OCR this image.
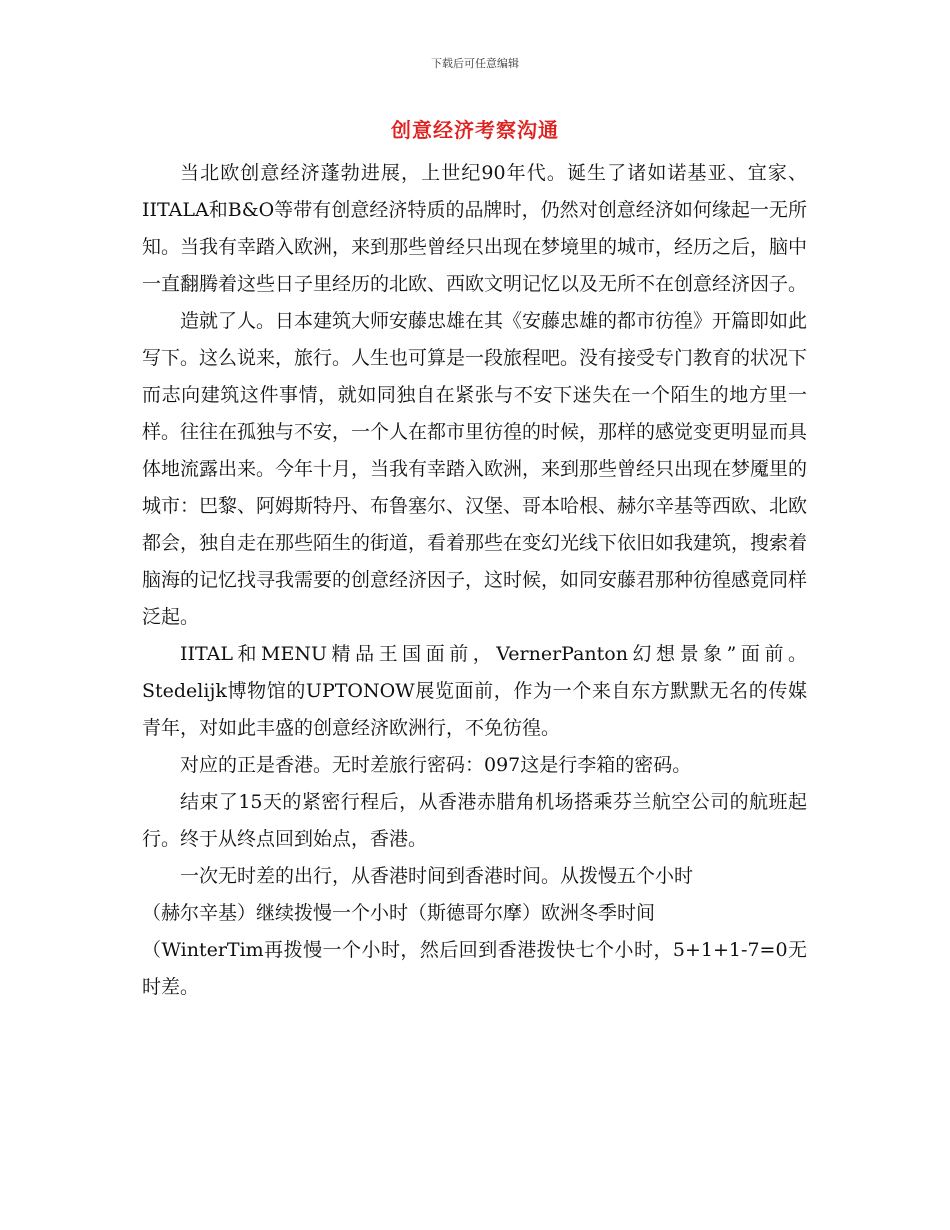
下载后可任意编辑
创意经济考察沟通

当北欧创意经济蓬勃进展，上世纪90年代。诞生了诸如诺基亚、宜家、IITALA和B&O等带有创意经济特质的品牌时，仍然对创意经济如何缘起一无所知。当我有幸踏入欧洲，来到那些曾经只出现在梦境里的城市，经历之后，脑中一直翻腾着这些日子里经历的北欧、西欧文明记忆以及无所不在创意经济因子。

造就了人。日本建筑大师安藤忠雄在其《安藤忠雄的都市彷徨》开篇即如此写下。这么说来，旅行。人生也可算是一段旅程吧。没有接受专门教育的状况下而志向建筑这件事情，就如同独自在紧张与不安下迷失在一个陌生的地方里一样。往往在孤独与不安，一个人在都市里彷徨的时候，那样的感觉变更明显而具体地流露出来。今年十月，当我有幸踏入欧洲，来到那些曾经只出现在梦魇里的城市：巴黎、阿姆斯特丹、布鲁塞尔、汉堡、哥本哈根、赫尔辛基等西欧、北欧都会，独自走在那些陌生的街道，看着那些在变幻光线下依旧如我建筑，搜索着脑海的记忆找寻我需要的创意经济因子，这时候，如同安藤君那种彷徨感竟同样泛起。

IITAL和MENU精品王国面前，VernerPanton幻想景象”面前。Stedelijk博物馆的UPTONOW展览面前，作为一个来自东方默默无名的传媒青年，对如此丰盛的创意经济欧洲行，不免彷徨。

对应的正是香港。无时差旅行密码：097这是行李箱的密码。

结束了15天的紧密行程后，从香港赤腊角机场搭乘芬兰航空公司的航班起行。终于从终点回到始点，香港。

一次无时差的出行，从香港时间到香港时间。从拨慢五个小时

（赫尔辛基）继续拨慢一个小时（斯德哥尔摩）欧洲冬季时间

（WinterTim再拨慢一个小时，然后回到香港拨快七个小时，5+1+1-7=0无时差。
